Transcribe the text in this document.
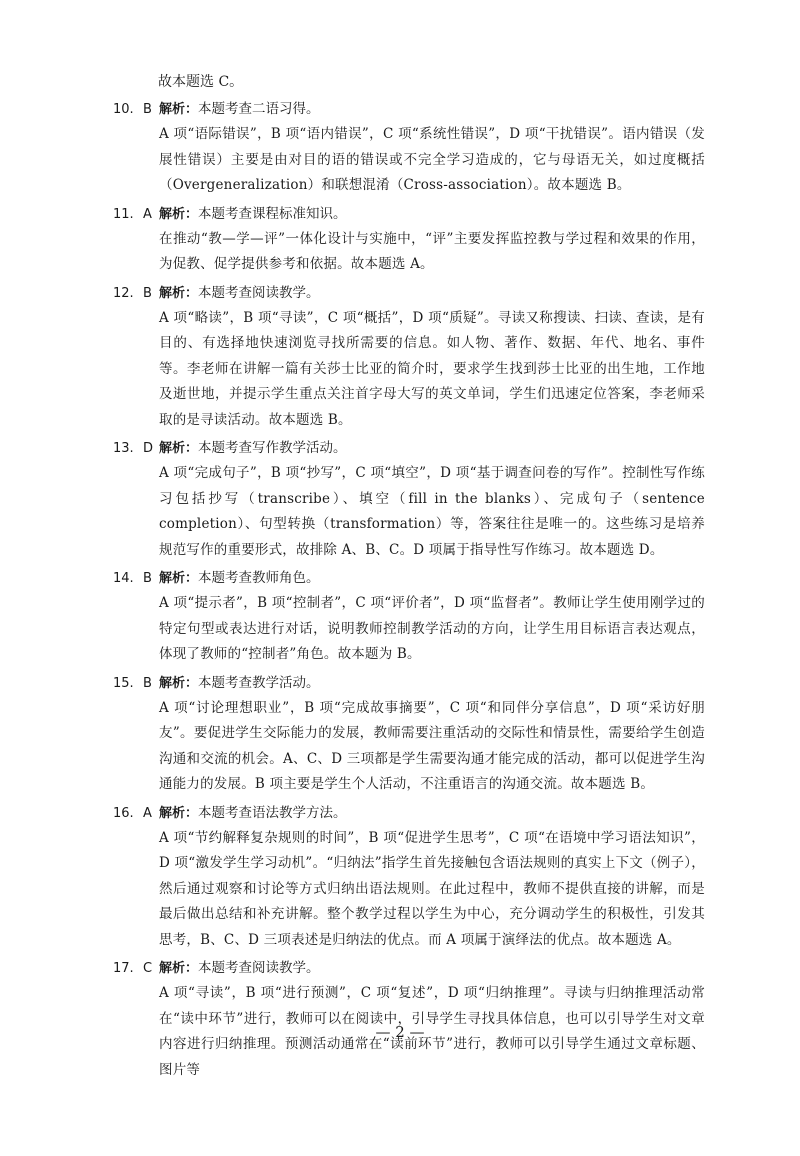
故本题选 C。
10. B 解析： 本题考查二语习得。
A 项“语际错误”，B 项“语内错误”，C 项“系统性错误”，D 项“干扰错误”。语内错误（发展性错误）主要是由对目的语的错误或不完全学习造成的，它与母语无关，如过度概括（Overgeneralization）和联想混淆（Cross-association）。故本题选 B。
11. A 解析： 本题考查课程标准知识。
在推动“教—学—评”一体化设计与实施中，“评”主要发挥监控教与学过程和效果的作用，为促教、促学提供参考和依据。故本题选 A。
12. B 解析： 本题考查阅读教学。
A 项“略读”，B 项“寻读”，C 项“概括”，D 项“质疑”。寻读又称搜读、扫读、查读，是有目的、有选择地快速浏览寻找所需要的信息。如人物、著作、数据、年代、地名、事件等。李老师在讲解一篇有关莎士比亚的简介时，要求学生找到莎士比亚的出生地，工作地及逝世地，并提示学生重点关注首字母大写的英文单词，学生们迅速定位答案，李老师采取的是寻读活动。故本题选 B。
13. D 解析： 本题考查写作教学活动。
A 项“完成句子”，B 项“抄写”，C 项“填空”，D 项“基于调查问卷的写作”。控制性写作练习包括抄写（transcribe）、填空（fill in the blanks）、完成句子（sentence completion）、句型转换（transformation）等，答案往往是唯一的。这些练习是培养规范写作的重要形式，故排除 A、B、C。D 项属于指导性写作练习。故本题选 D。
14. B 解析： 本题考查教师角色。
A 项“提示者”，B 项“控制者”，C 项“评价者”，D 项“监督者”。教师让学生使用刚学过的特定句型或表达进行对话，说明教师控制教学活动的方向，让学生用目标语言表达观点，体现了教师的“控制者”角色。故本题为 B。
15. B 解析： 本题考查教学活动。
A 项“讨论理想职业”，B 项“完成故事摘要”，C 项“和同伴分享信息”，D 项“采访好朋友”。要促进学生交际能力的发展，教师需要注重活动的交际性和情景性，需要给学生创造沟通和交流的机会。A、C、D 三项都是学生需要沟通才能完成的活动，都可以促进学生沟通能力的发展。B 项主要是学生个人活动，不注重语言的沟通交流。故本题选 B。
16. A 解析： 本题考查语法教学方法。
A 项“节约解释复杂规则的时间”，B 项“促进学生思考”，C 项“在语境中学习语法知识”，D 项“激发学生学习动机”。“归纳法”指学生首先接触包含语法规则的真实上下文（例子），然后通过观察和讨论等方式归纳出语法规则。在此过程中，教师不提供直接的讲解，而是最后做出总结和补充讲解。整个教学过程以学生为中心，充分调动学生的积极性，引发其思考，B、C、D 三项表述是归纳法的优点。而 A 项属于演绎法的优点。故本题选 A。
17. C 解析： 本题考查阅读教学。
A 项“寻读”，B 项“进行预测”，C 项“复述”，D 项“归纳推理”。寻读与归纳推理活动常在“读中环节”进行，教师可以在阅读中，引导学生寻找具体信息，也可以引导学生对文章内容进行归纳推理。预测活动通常在“读前环节”进行，教师可以引导学生通过文章标题、图片等
— 2 —
